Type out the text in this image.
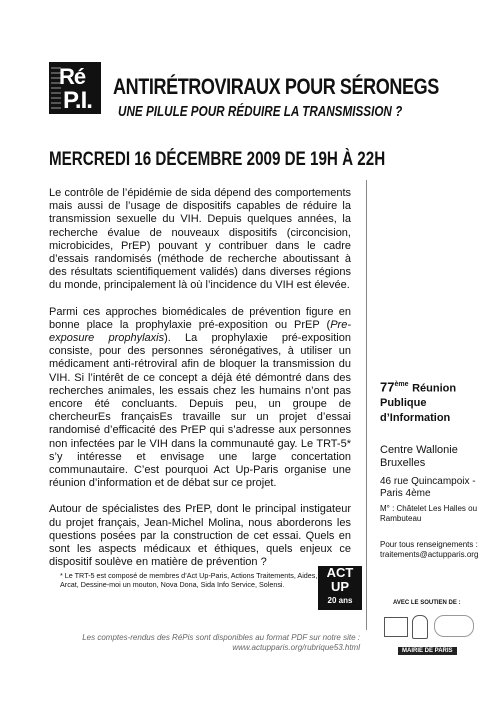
Ré
P.I.
ANTIRÉTROVIRAUX POUR SÉRONEGS
UNE PILULE POUR RÉDUIRE LA TRANSMISSION ?
MERCREDI 16 DÉCEMBRE 2009 DE 19H À 22H

Le contrôle de l’épidémie de sida dépend des comportements mais aussi de l’usage de dispositifs capables de réduire la transmission sexuelle du VIH. Depuis quelques années, la recherche évalue de nouveaux dispositifs (circoncision, microbicides, PrEP) pouvant y contribuer dans le cadre d’essais randomisés (méthode de recherche aboutissant à des résultats scientifiquement validés) dans diverses régions du monde, principalement là où l’incidence du VIH est élevée.

Parmi ces approches biomédicales de prévention figure en bonne place la prophylaxie pré-exposition ou PrEP (Pre-exposure prophylaxis). La prophylaxie pré-exposition consiste, pour des personnes séronégatives, à utiliser un médicament anti-rétroviral afin de bloquer la transmission du VIH. Si l’intérêt de ce concept a déjà été démontré dans des recherches animales, les essais chez les humains n’ont pas encore été concluants. Depuis peu, un groupe de chercheurEs françaisEs travaille sur un projet d’essai randomisé d’efficacité des PrEP qui s’adresse aux personnes non infectées par le VIH dans la communauté gay. Le TRT-5* s’y intéresse et envisage une large concertation communautaire. C’est pourquoi Act Up-Paris organise une réunion d’information et de débat sur ce projet.

Autour de spécialistes des PrEP, dont le principal instigateur du projet français, Jean-Michel Molina, nous aborderons les questions posées par la construction de cet essai. Quels en sont les aspects médicaux et éthiques, quels enjeux ce dispositif soulève en matière de prévention ?

* Le TRT-5 est composé de membres d’Act Up-Paris, Actions Traitements, Aides, Arcat, Dessine-moi un mouton, Nova Dona, Sida Info Service, Solensi.
ACT
UP
20 ans
Les comptes-rendus des RéPis sont disponibles au format PDF sur notre site :
www.actupparis.org/rubrique53.html
77ème Réunion
Publique
d’Information
Centre Wallonie
Bruxelles
46 rue Quincampoix -
Paris 4ème
M° : Châtelet Les Halles ou
Rambuteau
Pour tous renseignements :
traitements@actupparis.org
AVEC LE SOUTIEN DE :
MAIRIE DE PARIS
